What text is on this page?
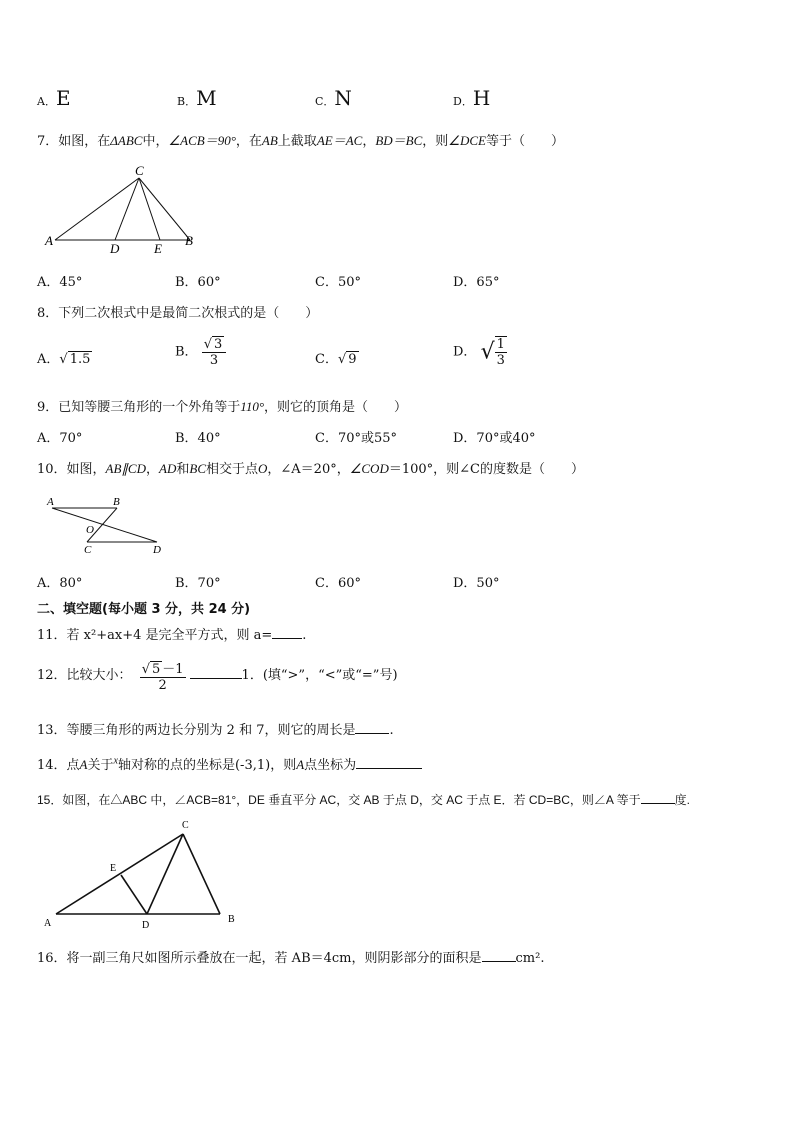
A．E	B．M	C．N	D．H
7．如图，在ΔABC中，∠ACB＝90°，在AB上截取AE＝AC，BD＝BC，则∠DCE等于（　　）
C
A
D	E
B
A．45°	B．60°	C．50°	D．65°
8．下列二次根式中是最简二次根式的是（　　）
A．√ 1.5	B． $\frac{√ 3}{3}$	C．√ 9	D． √ $\frac{1}{3}$
9．已知等腰三角形的一个外角等于110°，则它的顶角是（　　）
A．70°	B．40°	C．70°或55°	D．70°或40°
10．如图，AB∥CD，AD和BC相交于点O，∠A＝20°，∠COD＝100°，则∠C的度数是（　　）
A	B
O
C	D
A．80°	B．70°	C．60°	D．50°
二、填空题(每小题 3 分，共 24 分)
11．若 x²+ax+4 是完全平方式，则 a= .
12．比较大小： $\frac{√ 5 -1}{2}$	1．(填“>”，“<”或“=”号)
13．等腰三角形的两边长分别为 2 和 7，则它的周长是	.
14．点A关于$^x$轴对称的点的坐标是(-3,1)，则A点坐标为
15．如图，在△ABC 中，∠ACB=81°，DE 垂直平分 AC，交 AB 于点 D，交 AC 于点 E．若 CD=BC，则∠A 等于	度.
C
E
A	D
B
16．将一副三角尺如图所示叠放在一起，若 AB＝4cm，则阴影部分的面积是	cm².
